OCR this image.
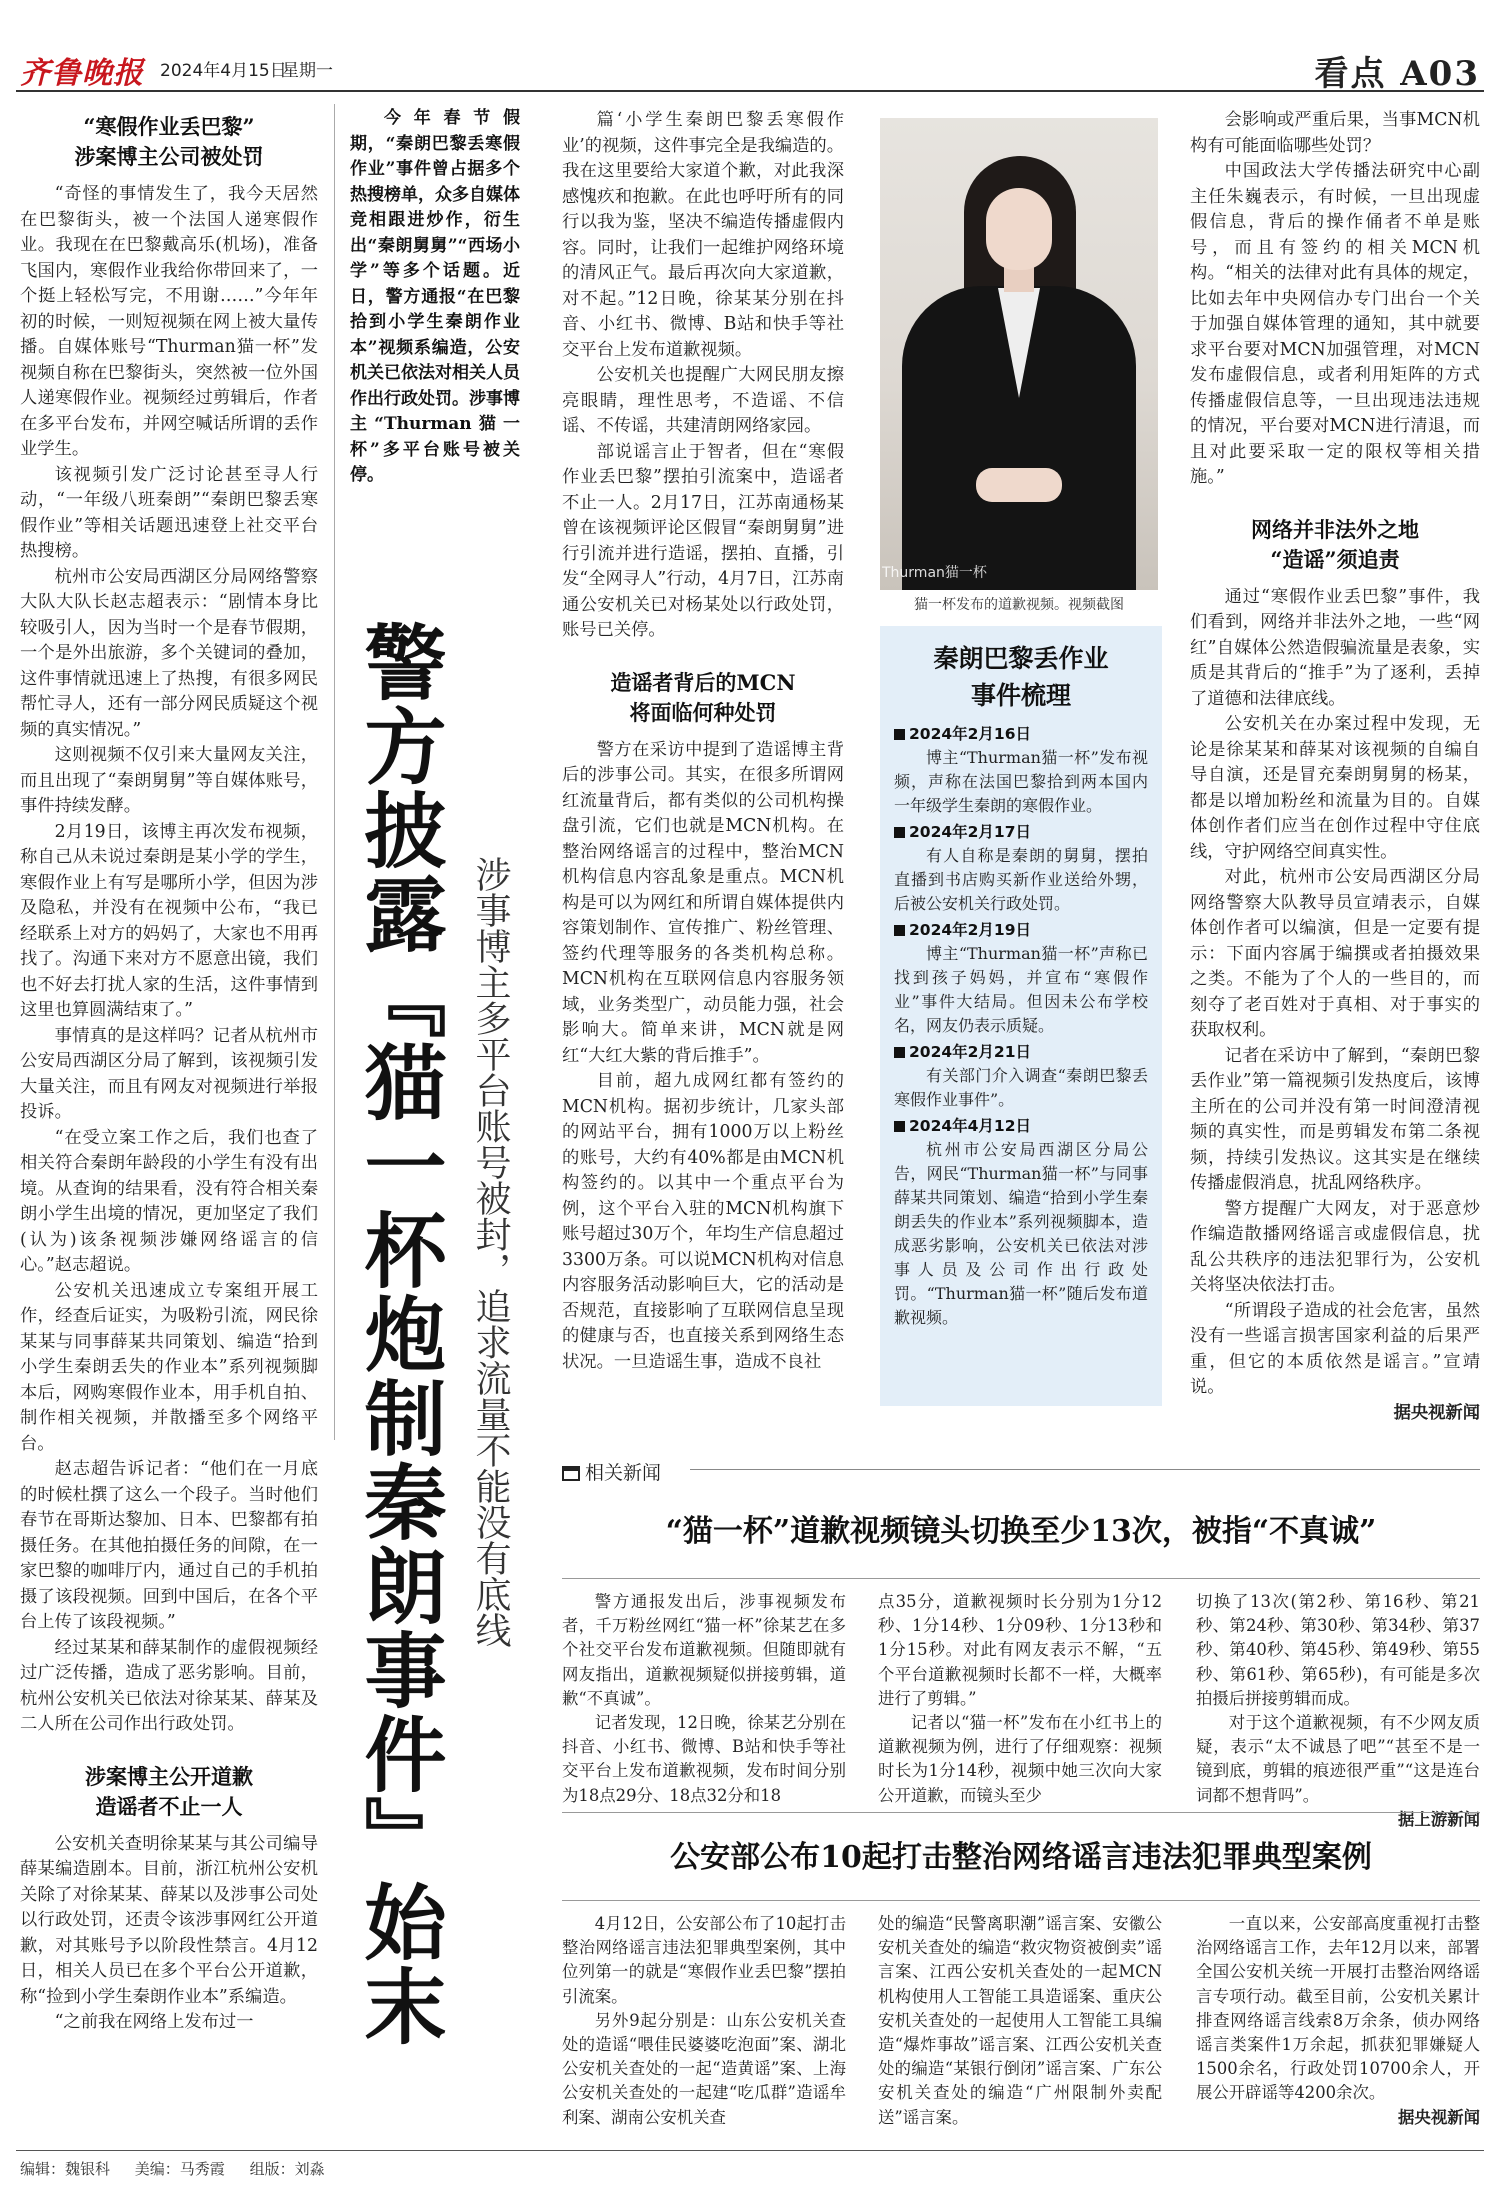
齐鲁晚报 2024年4月15日
星期一	看点 A03
“寒假作业丢巴黎”
涉案博主公司被处罚

“奇怪的事情发生了，我今天居然在巴黎街头，被一个法国人递寒假作业。我现在在巴黎戴高乐(机场)，准备飞国内，寒假作业我给你带回来了，一个挺上轻松写完，不用谢……”今年年初的时候，一则短视频在网上被大量传播。自媒体账号“Thurman猫一杯”发视频自称在巴黎街头，突然被一位外国人递寒假作业。视频经过剪辑后，作者在多平台发布，并网空喊话所谓的丢作业学生。

该视频引发广泛讨论甚至寻人行动，“一年级八班秦朗”“秦朗巴黎丢寒假作业”等相关话题迅速登上社交平台热搜榜。

杭州市公安局西湖区分局网络警察大队大队长赵志超表示：“剧情本身比较吸引人，因为当时一个是春节假期，一个是外出旅游，多个关键词的叠加，这件事情就迅速上了热搜，有很多网民帮忙寻人，还有一部分网民质疑这个视频的真实情况。”

这则视频不仅引来大量网友关注，而且出现了“秦朗舅舅”等自媒体账号，事件持续发酵。

2月19日，该博主再次发布视频，称自己从未说过秦朗是某小学的学生，寒假作业上有写是哪所小学，但因为涉及隐私，并没有在视频中公布，“我已经联系上对方的妈妈了，大家也不用再找了。沟通下来对方不愿意出镜，我们也不好去打扰人家的生活，这件事情到这里也算圆满结束了。”

事情真的是这样吗？记者从杭州市公安局西湖区分局了解到，该视频引发大量关注，而且有网友对视频进行举报投诉。

“在受立案工作之后，我们也查了相关符合秦朗年龄段的小学生有没有出境。从查询的结果看，没有符合相关秦朗小学生出境的情况，更加坚定了我们(认为)该条视频涉嫌网络谣言的信心。”赵志超说。

公安机关迅速成立专案组开展工作，经查后证实，为吸粉引流，网民徐某某与同事薛某共同策划、编造“拾到小学生秦朗丢失的作业本”系列视频脚本后，网购寒假作业本，用手机自拍、制作相关视频，并散播至多个网络平台。

赵志超告诉记者：“他们在一月底的时候杜撰了这么一个段子。当时他们春节在哥斯达黎加、日本、巴黎都有拍摄任务。在其他拍摄任务的间隙，在一家巴黎的咖啡厅内，通过自己的手机拍摄了该段视频。回到中国后，在各个平台上传了该段视频。”

经过某某和薛某制作的虚假视频经过广泛传播，造成了恶劣影响。目前，杭州公安机关已依法对徐某某、薛某及二人所在公司作出行政处罚。

涉案博主公开道歉
造谣者不止一人

公安机关查明徐某某与其公司编导薛某编造剧本。目前，浙江杭州公安机关除了对徐某某、薛某以及涉事公司处以行政处罚，还责令该涉事网红公开道歉，对其账号予以阶段性禁言。4月12日，相关人员已在多个平台公开道歉，称“捡到小学生秦朗作业本”系编造。

“之前我在网络上发布过一

今年春节假期，“秦朗巴黎丢寒假作业”事件曾占据多个热搜榜单，众多自媒体竞相跟进炒作，衍生出“秦朗舅舅”“西场小学”等多个话题。近日，警方通报“在巴黎拾到小学生秦朗作业本”视频系编造，公安机关已依法对相关人员作出行政处罚。涉事博主“Thurman猫一杯”多平台账号被关停。

警方披露『猫一杯炮制秦朗事件』始末 涉事博主多平台账号被封，追求流量不能没有底线

篇‘小学生秦朗巴黎丢寒假作业’的视频，这件事完全是我编造的。我在这里要给大家道个歉，对此我深感愧疚和抱歉。在此也呼吁所有的同行以我为鉴，坚决不编造传播虚假内容。同时，让我们一起维护网络环境的清风正气。最后再次向大家道歉，对不起。”12日晚，徐某某分别在抖音、小红书、微博、B站和快手等社交平台上发布道歉视频。

公安机关也提醒广大网民朋友擦亮眼睛，理性思考，不造谣、不信谣、不传谣，共建清朗网络家园。

部说谣言止于智者，但在“寒假作业丢巴黎”摆拍引流案中，造谣者不止一人。2月17日，江苏南通杨某曾在该视频评论区假冒“秦朗舅舅”进行引流并进行造谣，摆拍、直播，引发“全网寻人”行动，4月7日，江苏南通公安机关已对杨某处以行政处罚，账号已关停。

造谣者背后的MCN
将面临何种处罚

警方在采访中提到了造谣博主背后的涉事公司。其实，在很多所谓网红流量背后，都有类似的公司机构操盘引流，它们也就是MCN机构。在整治网络谣言的过程中，整治MCN机构信息内容乱象是重点。MCN机构是可以为网红和所谓自媒体提供内容策划制作、宣传推广、粉丝管理、签约代理等服务的各类机构总称。MCN机构在互联网信息内容服务领域，业务类型广，动员能力强，社会影响大。简单来讲，MCN就是网红“大红大紫的背后推手”。

目前，超九成网红都有签约的MCN机构。据初步统计，几家头部的网站平台，拥有1000万以上粉丝的账号，大约有40%都是由MCN机构签约的。以其中一个重点平台为例，这个平台入驻的MCN机构旗下账号超过30万个，年均生产信息超过3300万条。可以说MCN机构对信息内容服务活动影响巨大，它的活动是否规范，直接影响了互联网信息呈现的健康与否，也直接关系到网络生态状况。一旦造谣生事，造成不良社

Thurman猫一杯
猫一杯发布的道歉视频。视频截图
秦朗巴黎丢作业
事件梳理
2024年2月16日
博主“Thurman猫一杯”发布视频，声称在法国巴黎拾到两本国内一年级学生秦朗的寒假作业。
2024年2月17日
有人自称是秦朗的舅舅，摆拍直播到书店购买新作业送给外甥，后被公安机关行政处罚。
2024年2月19日
博主“Thurman猫一杯”声称已找到孩子妈妈，并宣布“寒假作业”事件大结局。但因未公布学校名，网友仍表示质疑。
2024年2月21日
有关部门介入调查“秦朗巴黎丢寒假作业事件”。
2024年4月12日
杭州市公安局西湖区分局公告，网民“Thurman猫一杯”与同事薛某共同策划、编造“拾到小学生秦朗丢失的作业本”系列视频脚本，造成恶劣影响，公安机关已依法对涉事人员及公司作出行政处罚。“Thurman猫一杯”随后发布道歉视频。

会影响或严重后果，当事MCN机构有可能面临哪些处罚？

中国政法大学传播法研究中心副主任朱巍表示，有时候，一旦出现虚假信息，背后的操作俑者不单是账号，而且有签约的相关MCN机构。“相关的法律对此有具体的规定，比如去年中央网信办专门出台一个关于加强自媒体管理的通知，其中就要求平台要对MCN加强管理，对MCN发布虚假信息，或者利用矩阵的方式传播虚假信息等，一旦出现违法违规的情况，平台要对MCN进行清退，而且对此要采取一定的限权等相关措施。”

网络并非法外之地
“造谣”须追责

通过“寒假作业丢巴黎”事件，我们看到，网络并非法外之地，一些“网红”自媒体公然造假骗流量是表象，实质是其背后的“推手”为了逐利，丢掉了道德和法律底线。

公安机关在办案过程中发现，无论是徐某某和薛某对该视频的自编自导自演，还是冒充秦朗舅舅的杨某，都是以增加粉丝和流量为目的。自媒体创作者们应当在创作过程中守住底线，守护网络空间真实性。

对此，杭州市公安局西湖区分局网络警察大队教导员宣靖表示，自媒体创作者可以编演，但是一定要有提示：下面内容属于编撰或者拍摄效果之类。不能为了个人的一些目的，而刻夺了老百姓对于真相、对于事实的获取权利。

记者在采访中了解到，“秦朗巴黎丢作业”第一篇视频引发热度后，该博主所在的公司并没有第一时间澄清视频的真实性，而是剪辑发布第二条视频，持续引发热议。这其实是在继续传播虚假消息，扰乱网络秩序。

警方提醒广大网友，对于恶意炒作编造散播网络谣言或虚假信息，扰乱公共秩序的违法犯罪行为，公安机关将坚决依法打击。

“所谓段子造成的社会危害，虽然没有一些谣言损害国家利益的后果严重，但它的本质依然是谣言。”宣靖说。

据央视新闻

相关新闻
“猫一杯”道歉视频镜头切换至少13次，被指“不真诚”

警方通报发出后，涉事视频发布者，千万粉丝网红“猫一杯”徐某艺在多个社交平台发布道歉视频。但随即就有网友指出，道歉视频疑似拼接剪辑，道歉“不真诚”。

记者发现，12日晚，徐某艺分别在抖音、小红书、微博、B站和快手等社交平台上发布道歉视频，发布时间分别为18点29分、18点32分和18

点35分，道歉视频时长分别为1分12秒、1分14秒、1分09秒、1分13秒和1分15秒。对此有网友表示不解，“五个平台道歉视频时长都不一样，大概率进行了剪辑。”

记者以“猫一杯”发布在小红书上的道歉视频为例，进行了仔细观察：视频时长为1分14秒，视频中她三次向大家公开道歉，而镜头至少

切换了13次(第2秒、第16秒、第21秒、第24秒、第30秒、第34秒、第37秒、第40秒、第45秒、第49秒、第55秒、第61秒、第65秒)，有可能是多次拍摄后拼接剪辑而成。

对于这个道歉视频，有不少网友质疑，表示“太不诚恳了吧”“甚至不是一镜到底，剪辑的痕迹很严重”“这是连台词都不想背吗”。

据上游新闻

公安部公布10起打击整治网络谣言违法犯罪典型案例

4月12日，公安部公布了10起打击整治网络谣言违法犯罪典型案例，其中位列第一的就是“寒假作业丢巴黎”摆拍引流案。

另外9起分别是：山东公安机关查处的造谣“喂佳民婆婆吃泡面”案、湖北公安机关查处的一起“造黄谣”案、上海公安机关查处的一起建“吃瓜群”造谣牟利案、湖南公安机关查

处的编造“民警离职潮”谣言案、安徽公安机关查处的编造“救灾物资被倒卖”谣言案、江西公安机关查处的一起MCN机构使用人工智能工具造谣案、重庆公安机关查处的一起使用人工智能工具编造“爆炸事故”谣言案、江西公安机关查处的编造“某银行倒闭”谣言案、广东公安机关查处的编造“广州限制外卖配送”谣言案。

一直以来，公安部高度重视打击整治网络谣言工作，去年12月以来，部署全国公安机关统一开展打击整治网络谣言专项行动。截至目前，公安机关累计排查网络谣言线索8万余条，侦办网络谣言类案件1万余起，抓获犯罪嫌疑人1500余名，行政处罚10700余人，开展公开辟谣等4200余次。

据央视新闻

编辑：魏银科 美编：马秀霞 组版：刘淼
